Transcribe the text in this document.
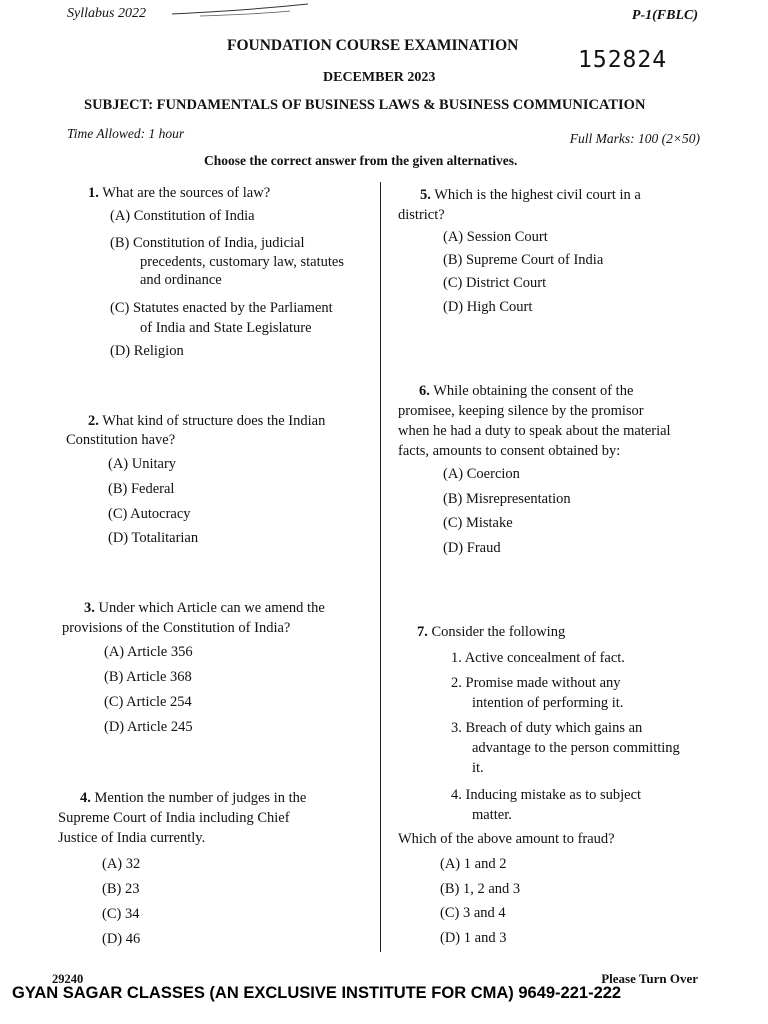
Syllabus 2022	P-1(FBLC)
FOUNDATION COURSE EXAMINATION
152824
DECEMBER 2023
SUBJECT: FUNDAMENTALS OF BUSINESS LAWS & BUSINESS COMMUNICATION
Time Allowed: 1 hour	Full Marks: 100 (2×50)
Choose the correct answer from the given alternatives.
1. What are the sources of law?
(A) Constitution of India
(B) Constitution of India, judicial
precedents, customary law, statutes
and ordinance
(C) Statutes enacted by the Parliament
of India and State Legislature
(D) Religion
2. What kind of structure does the Indian
Constitution have?
(A) Unitary
(B) Federal
(C) Autocracy
(D) Totalitarian
3. Under which Article can we amend the
provisions of the Constitution of India?
(A) Article 356
(B) Article 368
(C) Article 254
(D) Article 245
4. Mention the number of judges in the
Supreme Court of India including Chief
Justice of India currently.
(A) 32
(B) 23
(C) 34
(D) 46
5. Which is the highest civil court in a
district?
(A) Session Court
(B) Supreme Court of India
(C) District Court
(D) High Court
6. While obtaining the consent of the
promisee, keeping silence by the promisor
when he had a duty to speak about the material
facts, amounts to consent obtained by:
(A) Coercion
(B) Misrepresentation
(C) Mistake
(D) Fraud
7. Consider the following
1. Active concealment of fact.
2. Promise made without any
intention of performing it.
3. Breach of duty which gains an
advantage to the person committing
it.
4. Inducing mistake as to subject
matter.
Which of the above amount to fraud?
(A) 1 and 2
(B) 1, 2 and 3
(C) 3 and 4
(D) 1 and 3
29240	Please Turn Over
GYAN SAGAR CLASSES (AN EXCLUSIVE INSTITUTE FOR CMA) 9649-221-222
